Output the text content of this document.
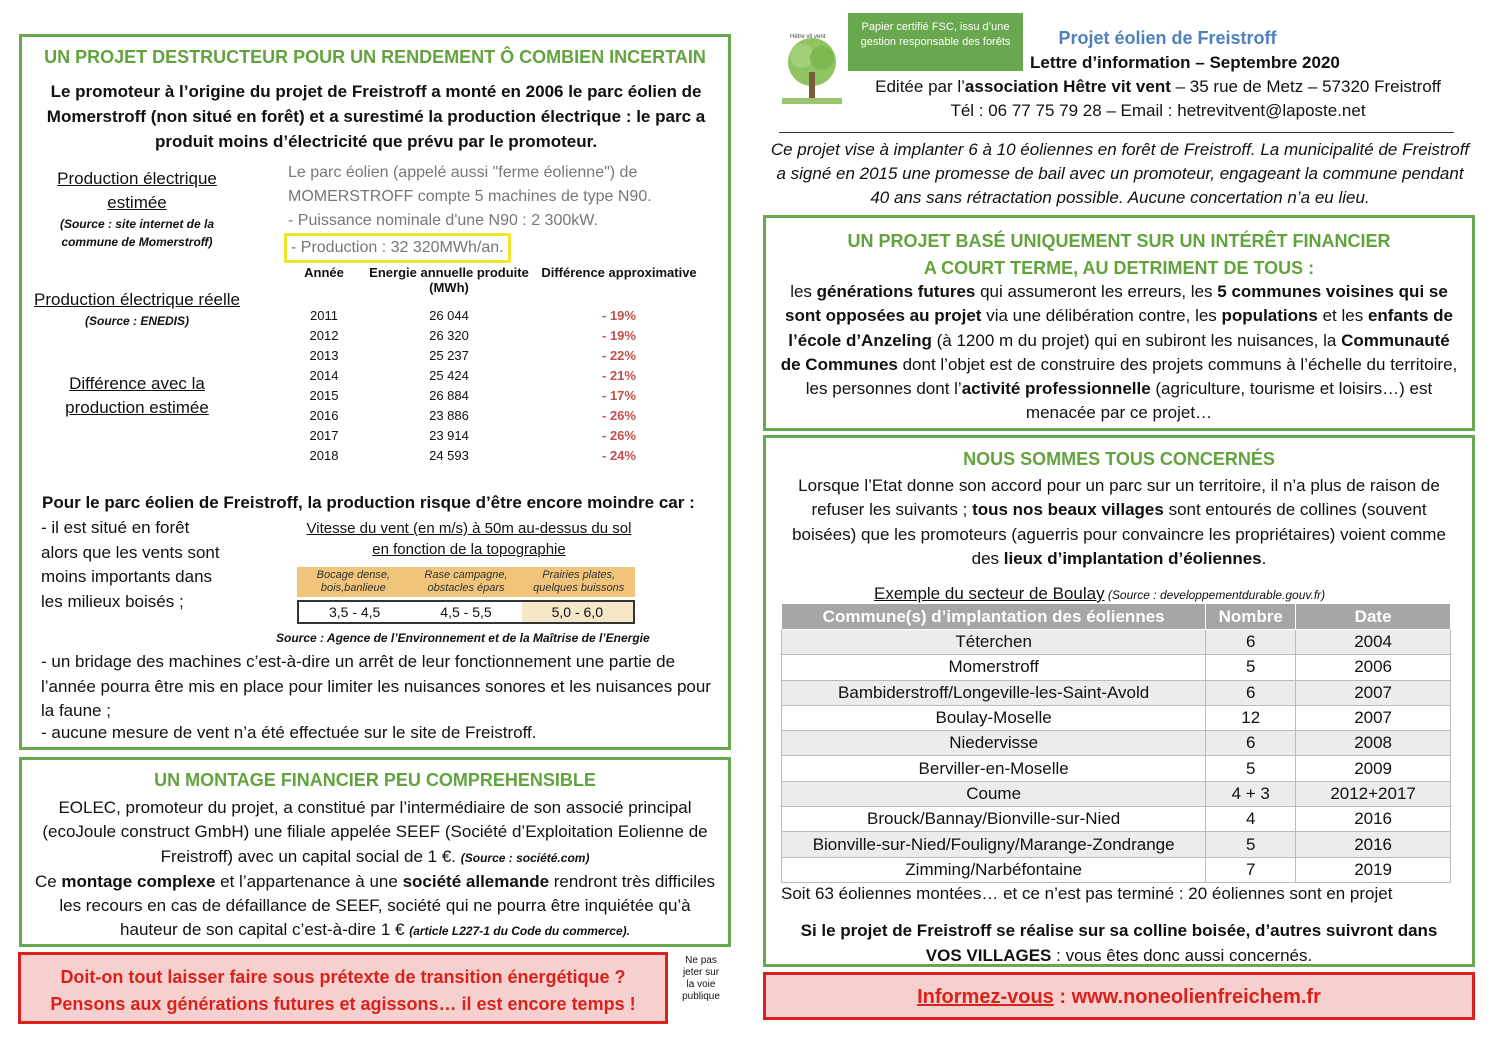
UN PROJET DESTRUCTEUR POUR UN RENDEMENT Ô COMBIEN INCERTAIN
Le promoteur à l’origine du projet de Freistroff a monté en 2006 le parc éolien de Momerstroff (non situé en forêt) et a surestimé la production électrique : le parc a produit moins d’électricité que prévu par le promoteur.
Production électrique estimée
(Source : site internet de la commune de Momerstroff)
Production électrique réelle
(Source : ENEDIS)
Différence avec la production estimée
Le parc éolien (appelé aussi "ferme éolienne") de MOMERSTROFF compte 5 machines de type N90.
- Puissance nominale d'une N90 : 2 300kW.
- Production : 32 320MWh/an.
Année	Energie annuelle produite (MWh)	Différence approximative
2011	26 044	- 19%
2012	26 320	- 19%
2013	25 237	- 22%
2014	25 424	- 21%
2015	26 884	- 17%
2016	23 886	- 26%
2017	23 914	- 26%
2018	24 593	- 24%
Pour le parc éolien de Freistroff, la production risque d’être encore moindre car :
- il est situé en forêt alors que les vents sont moins importants dans les milieux boisés ;
Vitesse du vent (en m/s) à 50m au-dessus du sol
en fonction de la topographie
Bocage dense, bois,banlieue
Rase campagne, obstacles épars
Prairies plates, quelques buissons
3,5 - 4,5	4,5 - 5,5	5,0 - 6,0
Source : Agence de l’Environnement et de la Maîtrise de l’Energie
- un bridage des machines c’est-à-dire un arrêt de leur fonctionnement une partie de l’année pourra être mis en place pour limiter les nuisances sonores et les nuisances pour la faune ;
- aucune mesure de vent n’a été effectuée sur le site de Freistroff.
UN MONTAGE FINANCIER PEU COMPREHENSIBLE
EOLEC, promoteur du projet, a constitué par l’intermédiaire de son associé principal (ecoJoule construct GmbH) une filiale appelée SEEF (Société d’Exploitation Eolienne de Freistroff) avec un capital social de 1 €. (Source : société.com)
Ce montage complexe et l’appartenance à une société allemande rendront très difficiles les recours en cas de défaillance de SEEF, société qui ne pourra être inquiétée qu’à hauteur de son capital c’est-à-dire 1 € (article L227-1 du Code du commerce).
Doit-on tout laisser faire sous prétexte de transition énergétique ?
Pensons aux générations futures et agissons… il est encore temps !
Ne pas jeter sur la voie publique
Hêtre vit vent
Papier certifié FSC, issu d’une gestion responsable des forêts	Projet éolien de Freistroff
Lettre d’information – Septembre 2020
Editée par l’association Hêtre vit vent – 35 rue de Metz – 57320 Freistroff
Tél : 06 77 75 79 28 – Email : hetrevitvent@laposte.net
Ce projet vise à implanter 6 à 10 éoliennes en forêt de Freistroff. La municipalité de Freistroff a signé en 2015 une promesse de bail avec un promoteur, engageant la commune pendant 40 ans sans rétractation possible. Aucune concertation n’a eu lieu.
UN PROJET BASÉ UNIQUEMENT SUR UN INTÉRÊT FINANCIER
A COURT TERME, AU DETRIMENT DE TOUS :
les générations futures qui assumeront les erreurs, les 5 communes voisines qui se sont opposées au projet via une délibération contre, les populations et les enfants de l’école d’Anzeling (à 1200 m du projet) qui en subiront les nuisances, la Communauté de Communes dont l’objet est de construire des projets communs à l’échelle du territoire, les personnes dont l’activité professionnelle (agriculture, tourisme et loisirs…) est menacée par ce projet…
NOUS SOMMES TOUS CONCERNÉS
Lorsque l’Etat donne son accord pour un parc sur un territoire, il n’a plus de raison de refuser les suivants ; tous nos beaux villages sont entourés de collines (souvent boisées) que les promoteurs (aguerris pour convaincre les propriétaires) voient comme des lieux d’implantation d’éoliennes.
Exemple du secteur de Boulay (Source : developpementdurable.gouv.fr)
Commune(s) d’implantation des éoliennes	Nombre	Date
Téterchen	6	2004
Momerstroff	5	2006
Bambiderstroff/Longeville-les-Saint-Avold	6	2007
Boulay-Moselle	12	2007
Niedervisse	6	2008
Berviller-en-Moselle	5	2009
Coume	4 + 3	2012+2017
Brouck/Bannay/Bionville-sur-Nied	4	2016
Bionville-sur-Nied/Fouligny/Marange-Zondrange	5	2016
Zimming/Narbéfontaine	7	2019
Soit 63 éoliennes montées… et ce n’est pas terminé : 20 éoliennes sont en projet
Si le projet de Freistroff se réalise sur sa colline boisée, d’autres suivront dans
VOS VILLAGES : vous êtes donc aussi concernés.
Informez-vous : www.noneolienfreichem.fr
